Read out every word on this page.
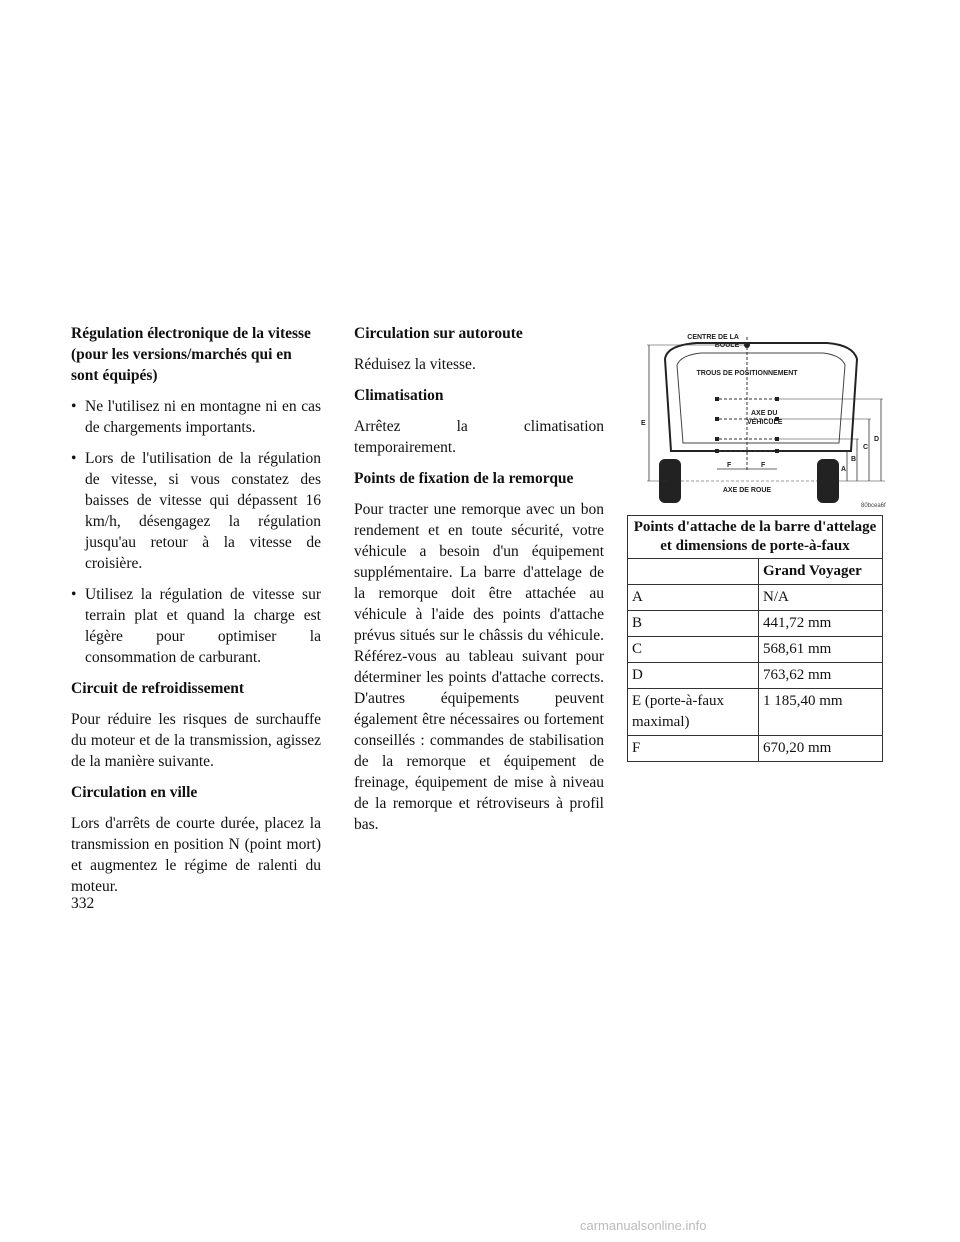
Régulation électronique de la vitesse (pour les versions/marchés qui en sont équipés)
• Ne l'utilisez ni en montagne ni en cas de chargements importants.
• Lors de l'utilisation de la régulation de vitesse, si vous constatez des baisses de vitesse qui dépassent 16 km/h, désengagez la régulation jusqu'au retour à la vitesse de croisière.
• Utilisez la régulation de vitesse sur terrain plat et quand la charge est légère pour optimiser la consommation de carburant.
Circuit de refroidissement
Pour réduire les risques de surchauffe du moteur et de la transmission, agissez de la manière suivante.
Circulation en ville
Lors d'arrêts de courte durée, placez la transmission en position N (point mort) et augmentez le régime de ralenti du moteur.
Circulation sur autoroute
Réduisez la vitesse.
Climatisation
Arrêtez la climatisation temporairement.
Points de fixation de la remorque
Pour tracter une remorque avec un bon rendement et en toute sécurité, votre véhicule a besoin d'un équipement supplémentaire. La barre d'attelage de la remorque doit être attachée au véhicule à l'aide des points d'attache prévus situés sur le châssis du véhicule. Référez-vous au tableau suivant pour déterminer les points d'attache corrects. D'autres équipements peuvent également être nécessaires ou fortement conseillés : commandes de stabilisation de la remorque et équipement de freinage, équipement de mise à niveau de la remorque et rétroviseurs à profil bas.
CENTRE DE LA
BOULE
TROUS DE POSITIONNEMENT
AXE DU
VÉHICULE
AXE DE ROUE
E
F	F
A
B
C
D
80bcea6f
Points d'attache de la barre d'attelage et dimensions de porte-à-faux	
	Grand Voyager
A	N/A
B	441,72 mm
C	568,61 mm
D	763,62 mm
E (porte-à-faux maximal)	1 185,40 mm
F	670,20 mm
332
carmanualsonline.info
